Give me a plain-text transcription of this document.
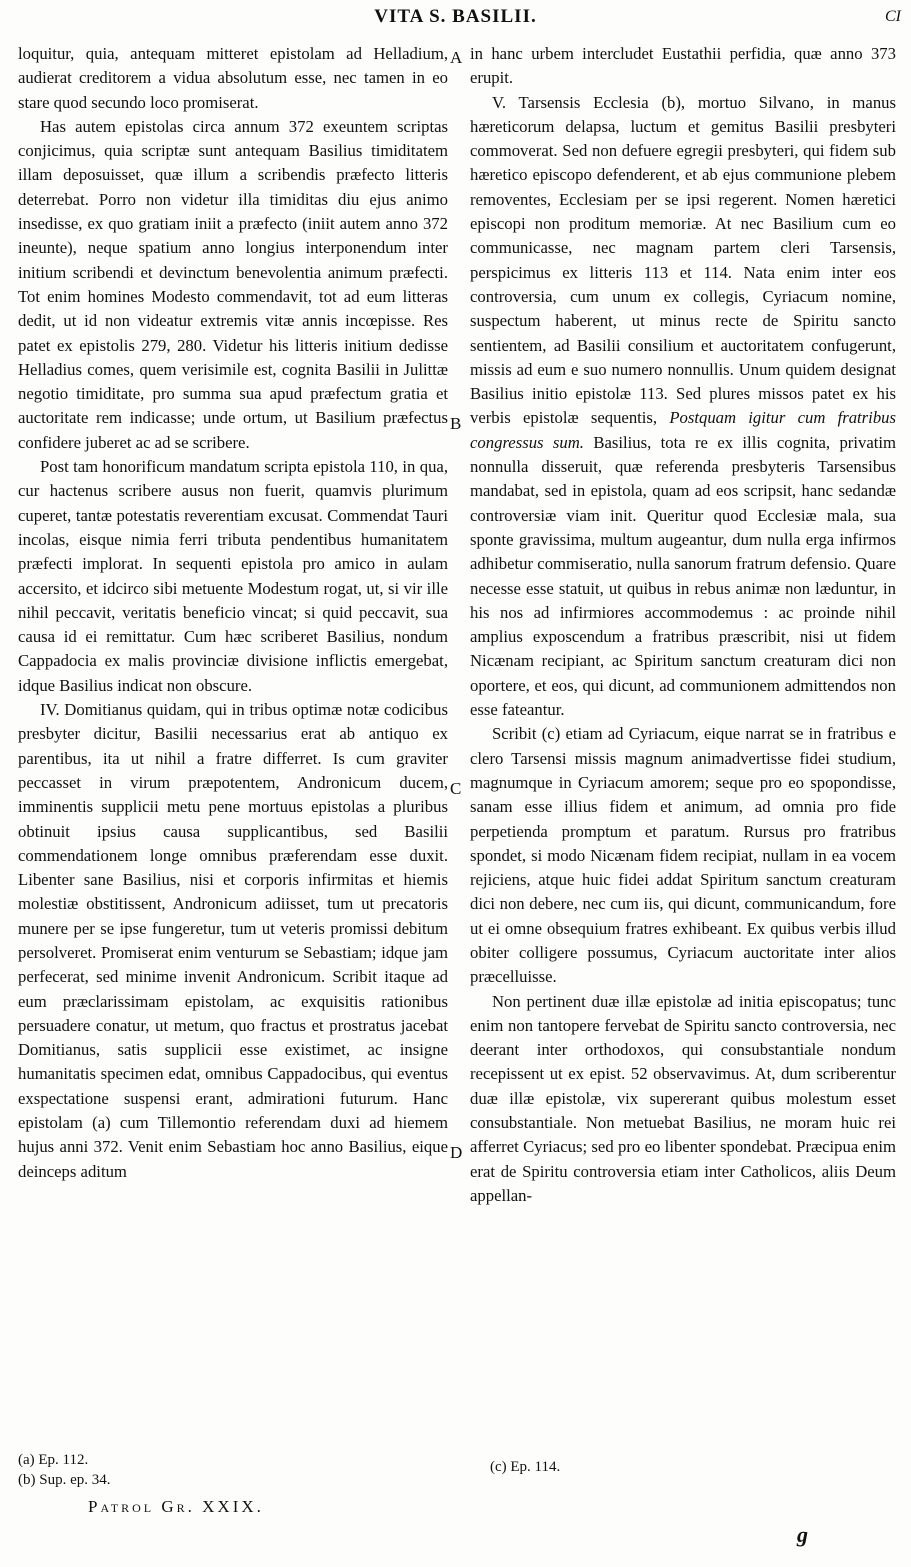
VITA S. BASILII.	CI

loquitur, quia, antequam mitteret epistolam ad Helladium, audierat creditorem a vidua absolutum esse, nec tamen in eo stare quod secundo loco promiserat.

Has autem epistolas circa annum 372 exeuntem scriptas conjicimus, quia scriptæ sunt antequam Basilius timiditatem illam deposuisset, quæ illum a scribendis præfecto litteris deterrebat. Porro non videtur illa timiditas diu ejus animo insedisse, ex quo gratiam iniit a præfecto (iniit autem anno 372 ineunte), neque spatium anno longius interponendum inter initium scribendi et devinctum benevolentia animum præfecti. Tot enim homines Modesto commendavit, tot ad eum litteras dedit, ut id non videatur extremis vitæ annis incœpisse. Res patet ex epistolis 279, 280. Videtur his litteris initium dedisse Helladius comes, quem verisimile est, cognita Basilii in Julittæ negotio timiditate, pro summa sua apud præfectum gratia et auctoritate rem indicasse; unde ortum, ut Basilium præfectus confidere juberet ac ad se scribere.

Post tam honorificum mandatum scripta epistola 110, in qua, cur hactenus scribere ausus non fuerit, quamvis plurimum cuperet, tantæ potestatis reverentiam excusat. Commendat Tauri incolas, eisque nimia ferri tributa pendentibus humanitatem præfecti implorat. In sequenti epistola pro amico in aulam accersito, et idcirco sibi metuente Modestum rogat, ut, si vir ille nihil peccavit, veritatis beneficio vincat; si quid peccavit, sua causa id ei remittatur. Cum hæc scriberet Basilius, nondum Cappadocia ex malis provinciæ divisione inflictis emergebat, idque Basilius indicat non obscure.

IV. Domitianus quidam, qui in tribus optimæ notæ codicibus presbyter dicitur, Basilii necessarius erat ab antiquo ex parentibus, ita ut nihil a fratre differret. Is cum graviter peccasset in virum præpotentem, Andronicum ducem, imminentis supplicii metu pene mortuus epistolas a pluribus obtinuit ipsius causa supplicantibus, sed Basilii commendationem longe omnibus præferendam esse duxit. Libenter sane Basilius, nisi et corporis infirmitas et hiemis molestiæ obstitissent, Andronicum adiisset, tum ut precatoris munere per se ipse fungeretur, tum ut veteris promissi debitum persolveret. Promiserat enim venturum se Sebastiam; idque jam perfecerat, sed minime invenit Andronicum. Scribit itaque ad eum præclarissimam epistolam, ac exquisitis rationibus persuadere conatur, ut metum, quo fractus et prostratus jacebat Domitianus, satis supplicii esse existimet, ac insigne humanitatis specimen edat, omnibus Cappadocibus, qui eventus exspectatione suspensi erant, admirationi futurum. Hanc epistolam (a) cum Tillemontio referendam duxi ad hiemem hujus anni 372. Venit enim Sebastiam hoc anno Basilius, eique deinceps aditum

in hanc urbem intercludet Eustathii perfidia, quæ anno 373 erupit.

V. Tarsensis Ecclesia (b), mortuo Silvano, in manus hæreticorum delapsa, luctum et gemitus Basilii presbyteri commoverat. Sed non defuere egregii presbyteri, qui fidem sub hæretico episcopo defenderent, et ab ejus communione plebem removentes, Ecclesiam per se ipsi regerent. Nomen hæretici episcopi non proditum memoriæ. At nec Basilium cum eo communicasse, nec magnam partem cleri Tarsensis, perspicimus ex litteris 113 et 114. Nata enim inter eos controversia, cum unum ex collegis, Cyriacum nomine, suspectum haberent, ut minus recte de Spiritu sancto sentientem, ad Basilii consilium et auctoritatem confugerunt, missis ad eum e suo numero nonnullis. Unum quidem designat Basilius initio epistolæ 113. Sed plures missos patet ex his verbis epistolæ sequentis, Postquam igitur cum fratribus congressus sum. Basilius, tota re ex illis cognita, privatim nonnulla disseruit, quæ referenda presbyteris Tarsensibus mandabat, sed in epistola, quam ad eos scripsit, hanc sedandæ controversiæ viam init. Queritur quod Ecclesiæ mala, sua sponte gravissima, multum augeantur, dum nulla erga infirmos adhibetur commiseratio, nulla sanorum fratrum defensio. Quare necesse esse statuit, ut quibus in rebus animæ non læduntur, in his nos ad infirmiores accommodemus : ac proinde nihil amplius exposcendum a fratribus præscribit, nisi ut fidem Nicænam recipiant, ac Spiritum sanctum creaturam dici non oportere, et eos, qui dicunt, ad communionem admittendos non esse fateantur.

Scribit (c) etiam ad Cyriacum, eique narrat se in fratribus e clero Tarsensi missis magnum animadvertisse fidei studium, magnumque in Cyriacum amorem; seque pro eo spopondisse, sanam esse illius fidem et animum, ad omnia pro fide perpetienda promptum et paratum. Rursus pro fratribus spondet, si modo Nicænam fidem recipiat, nullam in ea vocem rejiciens, atque huic fidei addat Spiritum sanctum creaturam dici non debere, nec cum iis, qui dicunt, communicandum, fore ut ei omne obsequium fratres exhibeant. Ex quibus verbis illud obiter colligere possumus, Cyriacum auctoritate inter alios præcelluisse.

Non pertinent duæ illæ epistolæ ad initia episcopatus; tunc enim non tantopere fervebat de Spiritu sancto controversia, nec deerant inter orthodoxos, qui consubstantiale nondum recepissent ut ex epist. 52 observavimus. At, dum scriberentur duæ illæ epistolæ, vix supererant quibus molestum esset consubstantiale. Non metuebat Basilius, ne moram huic rei afferret Cyriacus; sed pro eo libenter spondebat. Præcipua enim erat de Spiritu controversia etiam inter Catholicos, aliis Deum appellan-

A
B
C
D
(a) Ep. 112.
(b) Sup. ep. 34.
(c) Ep. 114.
Patrol Gr. XXIX.
g
